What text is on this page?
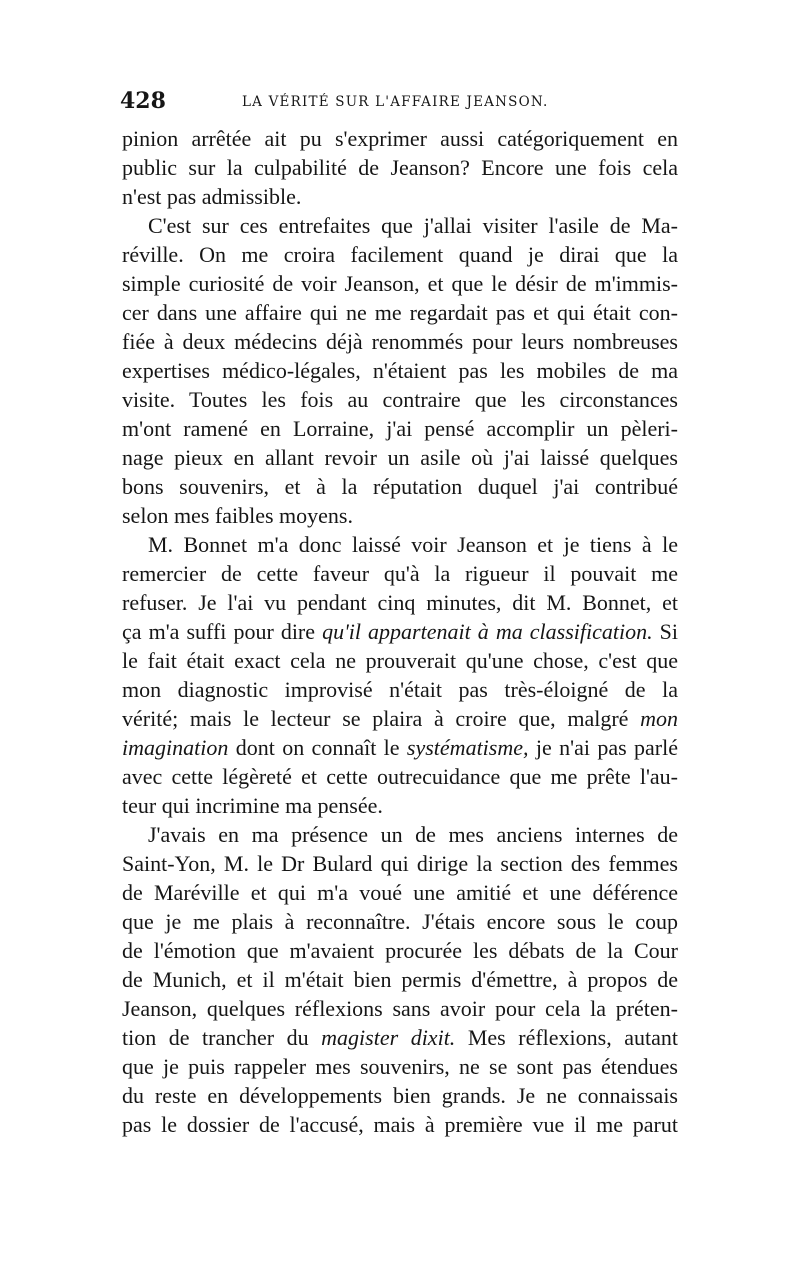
428	LA VÉRITÉ SUR L'AFFAIRE JEANSON.
pinion arrêtée ait pu s'exprimer aussi catégoriquement en
public sur la culpabilité de Jeanson? Encore une fois cela
n'est pas admissible.
C'est sur ces entrefaites que j'allai visiter l'asile de Ma-
réville. On me croira facilement quand je dirai que la
simple curiosité de voir Jeanson, et que le désir de m'immis-
cer dans une affaire qui ne me regardait pas et qui était con-
fiée à deux médecins déjà renommés pour leurs nombreuses
expertises médico-légales, n'étaient pas les mobiles de ma
visite. Toutes les fois au contraire que les circonstances
m'ont ramené en Lorraine, j'ai pensé accomplir un pèleri-
nage pieux en allant revoir un asile où j'ai laissé quelques
bons souvenirs, et à la réputation duquel j'ai contribué
selon mes faibles moyens.
M. Bonnet m'a donc laissé voir Jeanson et je tiens à le
remercier de cette faveur qu'à la rigueur il pouvait me
refuser. Je l'ai vu pendant cinq minutes, dit M. Bonnet, et
ça m'a suffi pour dire qu'il appartenait à ma classification. Si
le fait était exact cela ne prouverait qu'une chose, c'est que
mon diagnostic improvisé n'était pas très-éloigné de la
vérité; mais le lecteur se plaira à croire que, malgré mon
imagination dont on connaît le systématisme, je n'ai pas parlé
avec cette légèreté et cette outrecuidance que me prête l'au-
teur qui incrimine ma pensée.
J'avais en ma présence un de mes anciens internes de
Saint-Yon, M. le Dr Bulard qui dirige la section des femmes
de Maréville et qui m'a voué une amitié et une déférence
que je me plais à reconnaître. J'étais encore sous le coup
de l'émotion que m'avaient procurée les débats de la Cour
de Munich, et il m'était bien permis d'émettre, à propos de
Jeanson, quelques réflexions sans avoir pour cela la préten-
tion de trancher du magister dixit. Mes réflexions, autant
que je puis rappeler mes souvenirs, ne se sont pas étendues
du reste en développements bien grands. Je ne connaissais
pas le dossier de l'accusé, mais à première vue il me parut
